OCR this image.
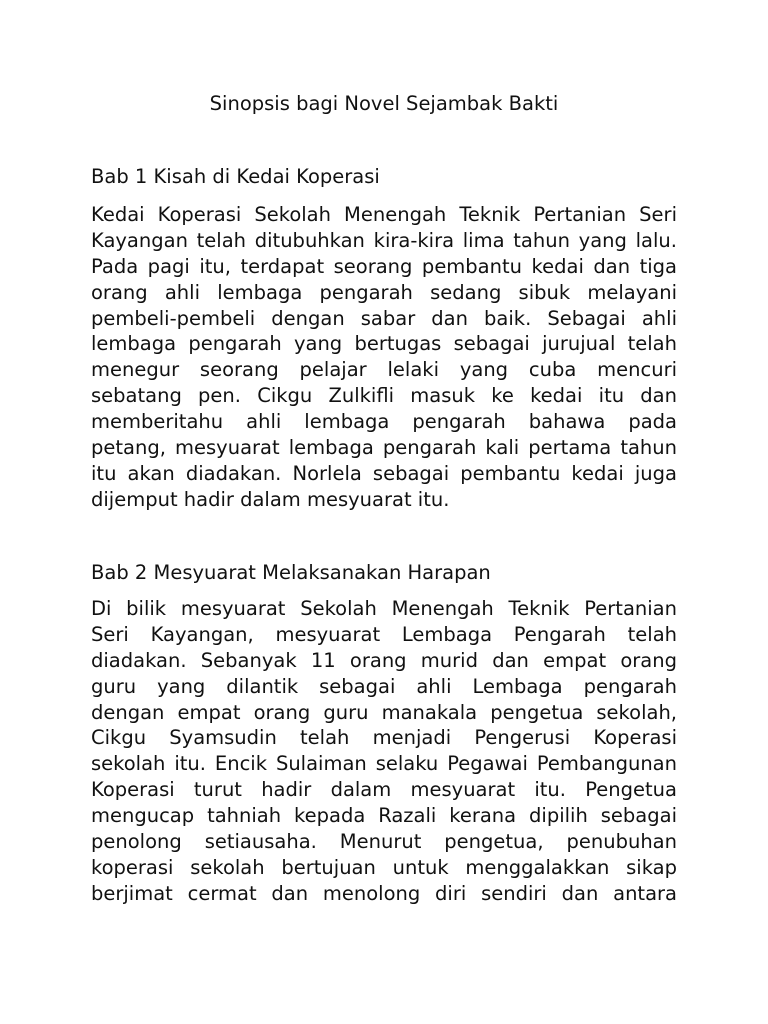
Sinopsis bagi Novel Sejambak Bakti
Bab 1 Kisah di Kedai Koperasi
Kedai Koperasi Sekolah Menengah Teknik Pertanian Seri
Kayangan telah ditubuhkan kira-kira lima tahun yang lalu.
Pada pagi itu, terdapat seorang pembantu kedai dan tiga
orang ahli lembaga pengarah sedang sibuk melayani
pembeli-pembeli dengan sabar dan baik. Sebagai ahli
lembaga pengarah yang bertugas sebagai jurujual telah
menegur seorang pelajar lelaki yang cuba mencuri
sebatang pen. Cikgu Zulkifli masuk ke kedai itu dan
memberitahu ahli lembaga pengarah bahawa pada
petang, mesyuarat lembaga pengarah kali pertama tahun
itu akan diadakan. Norlela sebagai pembantu kedai juga
dijemput hadir dalam mesyuarat itu.
Bab 2 Mesyuarat Melaksanakan Harapan
Di bilik mesyuarat Sekolah Menengah Teknik Pertanian
Seri Kayangan, mesyuarat Lembaga Pengarah telah
diadakan. Sebanyak 11 orang murid dan empat orang
guru yang dilantik sebagai ahli Lembaga pengarah
dengan empat orang guru manakala pengetua sekolah,
Cikgu Syamsudin telah menjadi Pengerusi Koperasi
sekolah itu. Encik Sulaiman selaku Pegawai Pembangunan
Koperasi turut hadir dalam mesyuarat itu. Pengetua
mengucap tahniah kepada Razali kerana dipilih sebagai
penolong setiausaha. Menurut pengetua, penubuhan
koperasi sekolah bertujuan untuk menggalakkan sikap
berjimat cermat dan menolong diri sendiri dan antara
